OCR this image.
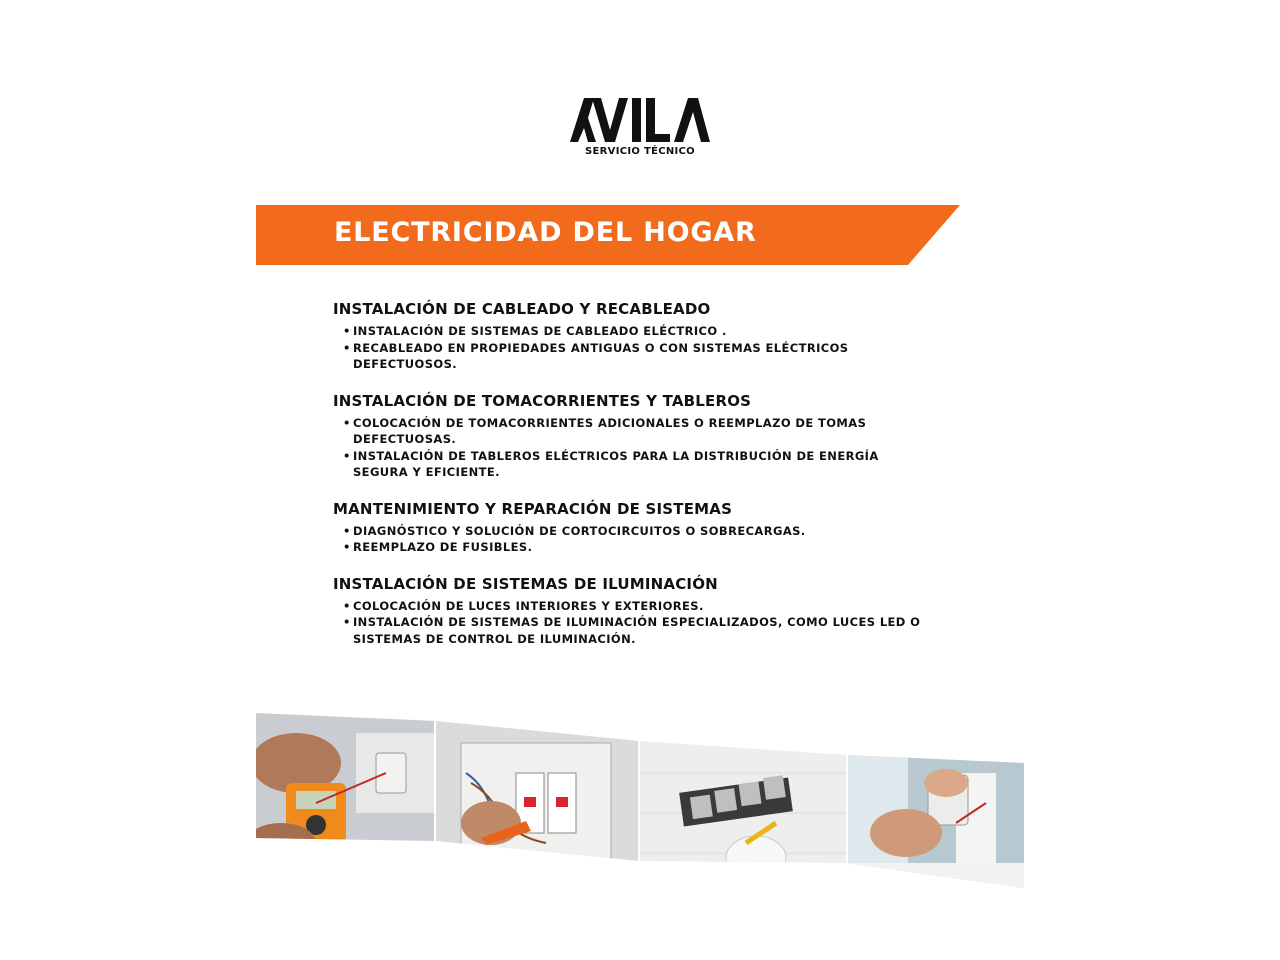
SERVICIO TÉCNICO
ELECTRICIDAD DEL HOGAR
INSTALACIÓN DE CABLEADO Y RECABLEADO
• INSTALACIÓN DE SISTEMAS DE CABLEADO ELÉCTRICO .
• RECABLEADO EN PROPIEDADES ANTIGUAS O CON SISTEMAS ELÉCTRICOS DEFECTUOSOS.
INSTALACIÓN DE TOMACORRIENTES Y TABLEROS
• COLOCACIÓN DE TOMACORRIENTES ADICIONALES O REEMPLAZO DE TOMAS DEFECTUOSAS.
• INSTALACIÓN DE TABLEROS ELÉCTRICOS PARA LA DISTRIBUCIÓN DE ENERGÍA SEGURA Y EFICIENTE.
MANTENIMIENTO Y REPARACIÓN DE SISTEMAS
• DIAGNÓSTICO Y SOLUCIÓN DE CORTOCIRCUITOS O SOBRECARGAS.
• REEMPLAZO DE FUSIBLES.
INSTALACIÓN DE SISTEMAS DE ILUMINACIÓN
• COLOCACIÓN DE LUCES INTERIORES Y EXTERIORES.
• INSTALACIÓN DE SISTEMAS DE ILUMINACIÓN ESPECIALIZADOS, COMO LUCES LED O SISTEMAS DE CONTROL DE ILUMINACIÓN.
